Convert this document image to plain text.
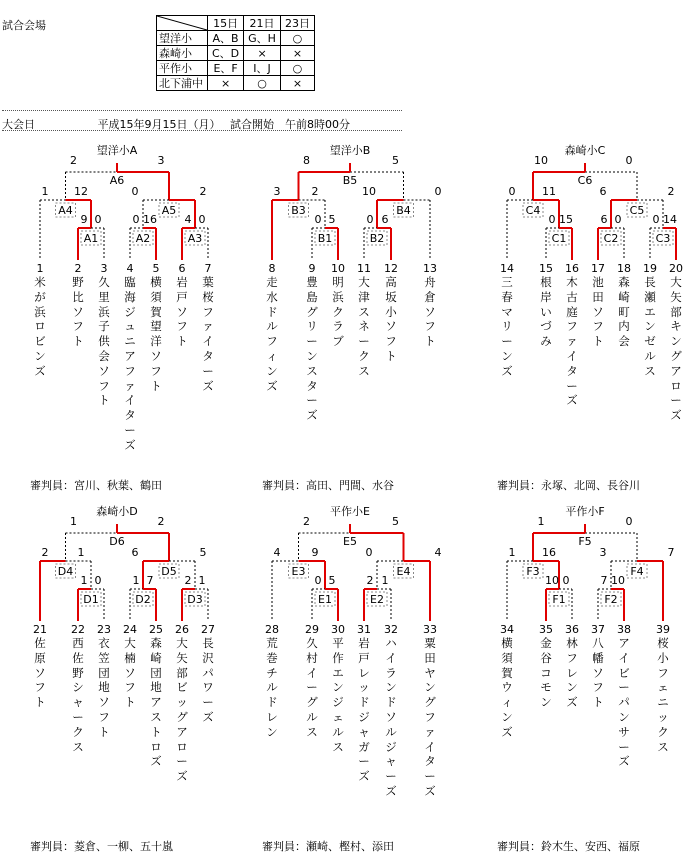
試合会場
		15日	21日	23日
望洋小	A、B	G、H	○
森崎小	C、D	×	×
平作小	E、F	I、J	○
北下浦中	×	○	×
大会日	平成15年9月15日（月） 試合開始　午前8時00分
望洋小A
2	3
A6
1 12
A4
9 0
A1
0	2
A5
0 16
A2
4 0
A3
1	2 3 4 5 6 7
望洋小B
8	5
B5
3	2
B3
0 5
B1
10	0
B4
0 6
B2
8	9 10 11 12 13
森崎小C
10	0
C6
0 11
C4
0 15
C1
6	2
C5
6 0
C2
0 14
C3
14 15 16 17 18 19 20
森崎小D
1	2
D6
2	1
D4
1 0
D1
6	5
D5
1 7
D2
2 1
D3
21 22 23 24 25 26 27
平作小E
2	5
E5
4	9
E3
0 5
E1
0	4
E4
2 1
E2
28 29 30 31 32 33
平作小F
1	0
F5
1 16
F3
10 0
F1
3	7
F4
7 10
F2
34 35 36 37 38 39
米が浜ロビンズ
野比ソフト
久里浜子供会ソフト
臨海ジュニアファイターズ
横須賀望洋ソフト
岩戸ソフト
葉桜ファイターズ
審判員：宮川、秋葉、鶴田
走水ドルフィンズ
豊島グリーンスターズ
明浜クラブ
大津スネークス
高坂小ソフト
舟倉ソフト
審判員：高田、門間、水谷
三春マリーンズ
根岸いづみ
木古庭ファイターズ
池田ソフト
森崎町内会
長瀬エンゼルス
大矢部キングアローズ
審判員：永塚、北岡、長谷川
佐原ソフト
西佐野シャークス
衣笠団地ソフト
大楠ソフト
森崎団地アストロズ
大矢部ビッグアローズ
長沢パワーズ
審判員：菱倉、一柳、五十嵐
荒巻チルドレン
久村イーグルス
平作エンジェルス
岩戸レッドジャガーズ
ハイランドソルジャーズ
粟田ヤングファイターズ
審判員：瀬崎、樫村、添田
横須賀ウィンズ
金谷コモン
林フレンズ
八幡ソフト
アイビーパンサーズ
桜小フェニックス
審判員：鈴木生、安西、福原
